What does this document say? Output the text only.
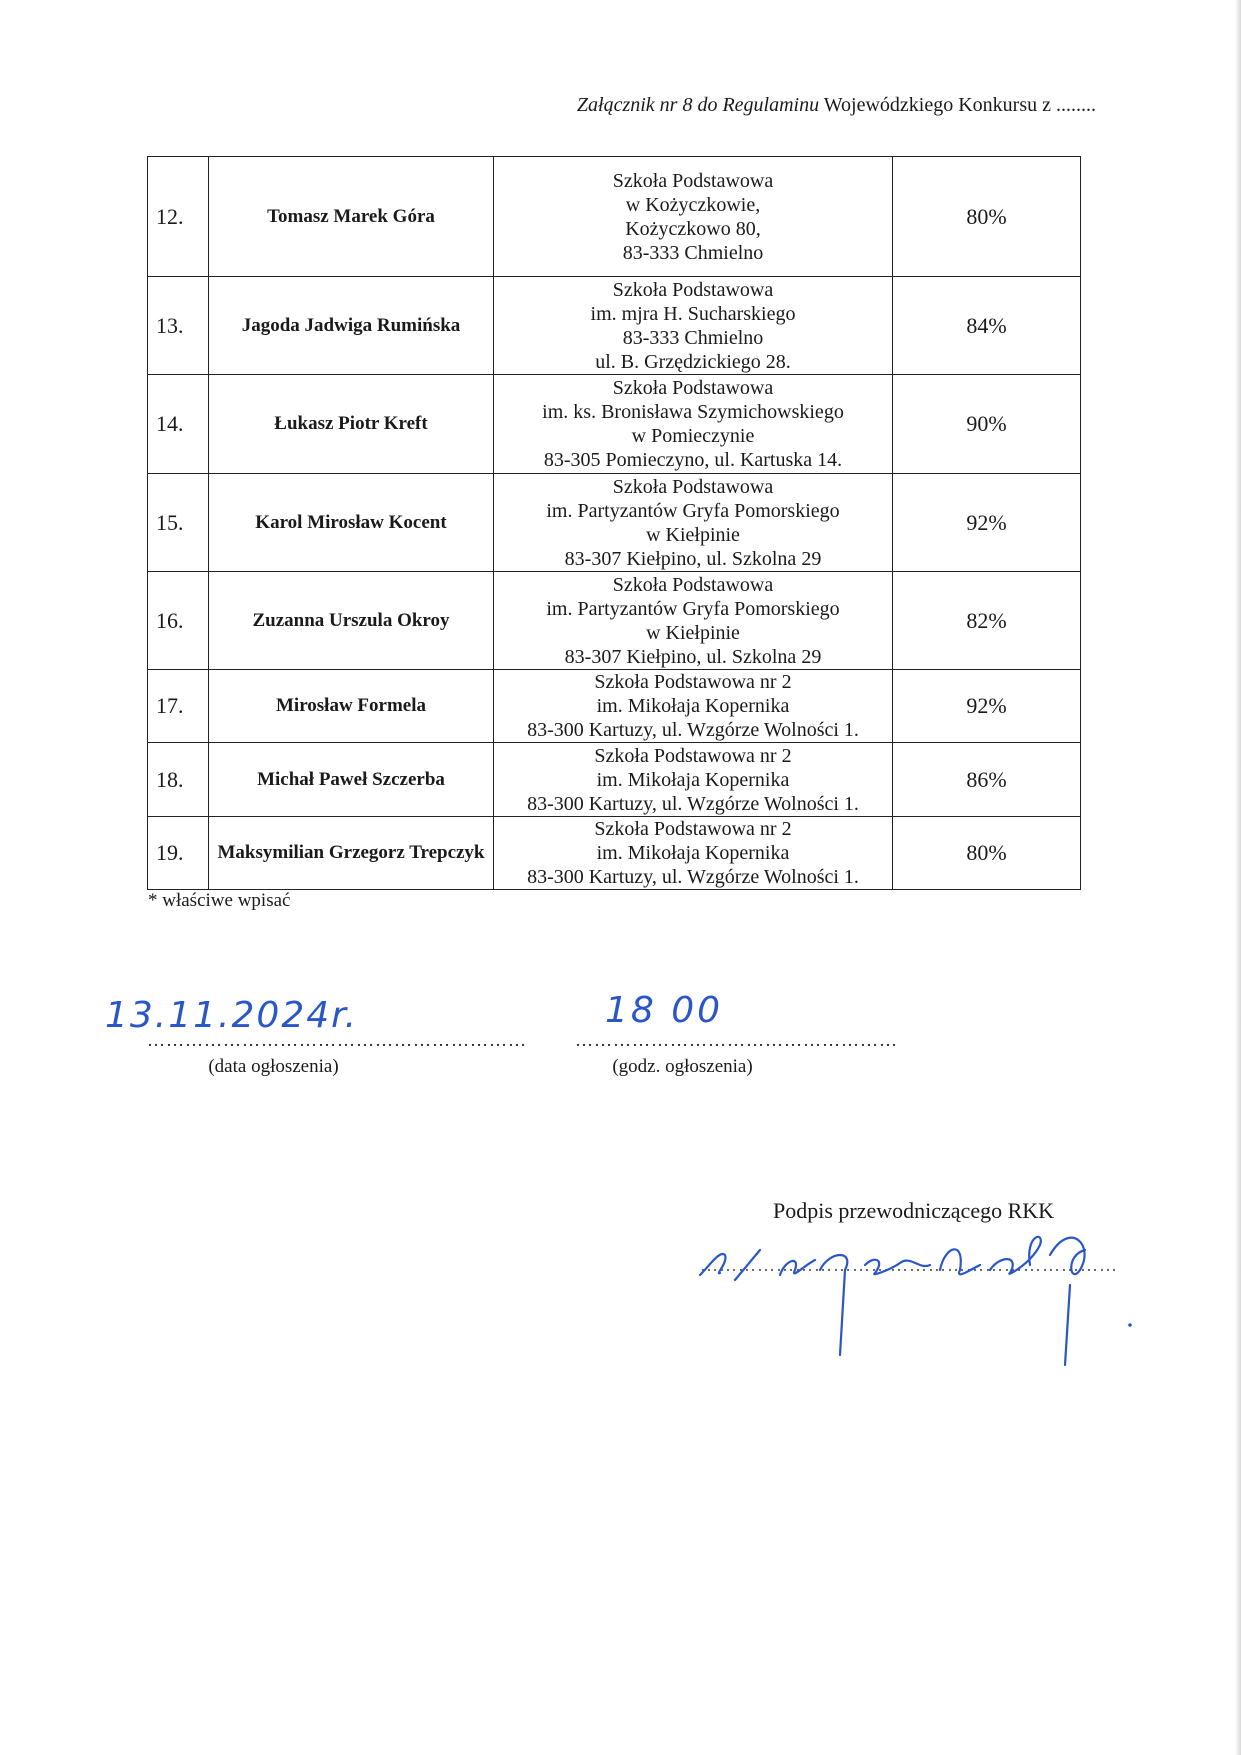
Załącznik nr 8 do Regulaminu Wojewódzkiego Konkursu z ........
12.	Tomasz Marek Góra	Szkoła Podstawowa
w Kożyczkowie,
Kożyczkowo 80,
83-333 Chmielno	80%
13.	Jagoda Jadwiga Rumińska	Szkoła Podstawowa
im. mjra H. Sucharskiego
83-333 Chmielno
ul. B. Grzędzickiego 28.	84%
14.	Łukasz Piotr Kreft	Szkoła Podstawowa
im. ks. Bronisława Szymichowskiego
w Pomieczynie
83-305 Pomieczyno, ul. Kartuska 14.	90%
15.	Karol Mirosław Kocent	Szkoła Podstawowa
im. Partyzantów Gryfa Pomorskiego
w Kiełpinie
83-307 Kiełpino, ul. Szkolna 29	92%
16.	Zuzanna Urszula Okroy	Szkoła Podstawowa
im. Partyzantów Gryfa Pomorskiego
w Kiełpinie
83-307 Kiełpino, ul. Szkolna 29	82%
17.	Mirosław Formela	Szkoła Podstawowa nr 2
im. Mikołaja Kopernika
83-300 Kartuzy, ul. Wzgórze Wolności 1.	92%
18.	Michał Paweł Szczerba	Szkoła Podstawowa nr 2
im. Mikołaja Kopernika
83-300 Kartuzy, ul. Wzgórze Wolności 1.	86%
19.	Maksymilian Grzegorz Trepczyk	Szkoła Podstawowa nr 2
im. Mikołaja Kopernika
83-300 Kartuzy, ul. Wzgórze Wolności 1.	80%
* właściwe wpisać
13.11.2024r.
……………………………………………………
(data ogłoszenia)
18 00
……………………………………………
(godz. ogłoszenia)
Podpis przewodniczącego RKK
…………………………………………………………
